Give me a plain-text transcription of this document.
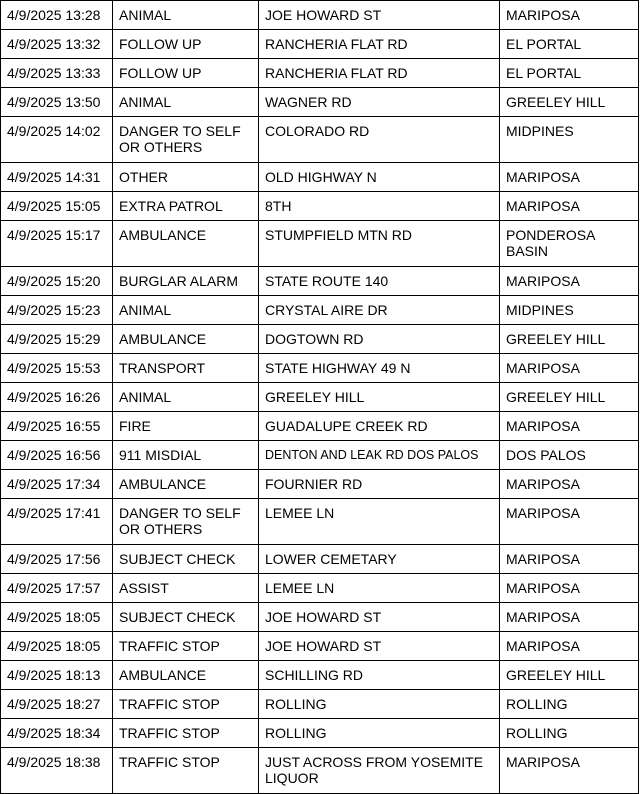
4/9/2025 13:28	ANIMAL	JOE HOWARD ST	MARIPOSA
4/9/2025 13:32	FOLLOW UP	RANCHERIA FLAT RD	EL PORTAL
4/9/2025 13:33	FOLLOW UP	RANCHERIA FLAT RD	EL PORTAL
4/9/2025 13:50	ANIMAL	WAGNER RD	GREELEY HILL
4/9/2025 14:02	DANGER TO SELF OR OTHERS	COLORADO RD	MIDPINES
4/9/2025 14:31	OTHER	OLD HIGHWAY N	MARIPOSA
4/9/2025 15:05	EXTRA PATROL	8TH	MARIPOSA
4/9/2025 15:17	AMBULANCE	STUMPFIELD MTN RD	PONDEROSA BASIN
4/9/2025 15:20	BURGLAR ALARM	STATE ROUTE 140	MARIPOSA
4/9/2025 15:23	ANIMAL	CRYSTAL AIRE DR	MIDPINES
4/9/2025 15:29	AMBULANCE	DOGTOWN RD	GREELEY HILL
4/9/2025 15:53	TRANSPORT	STATE HIGHWAY 49 N	MARIPOSA
4/9/2025 16:26	ANIMAL	GREELEY HILL	GREELEY HILL
4/9/2025 16:55	FIRE	GUADALUPE CREEK RD	MARIPOSA
4/9/2025 16:56	911 MISDIAL	DENTON AND LEAK RD DOS PALOS	DOS PALOS
4/9/2025 17:34	AMBULANCE	FOURNIER RD	MARIPOSA
4/9/2025 17:41	DANGER TO SELF OR OTHERS	LEMEE LN	MARIPOSA
4/9/2025 17:56	SUBJECT CHECK	LOWER CEMETARY	MARIPOSA
4/9/2025 17:57	ASSIST	LEMEE LN	MARIPOSA
4/9/2025 18:05	SUBJECT CHECK	JOE HOWARD ST	MARIPOSA
4/9/2025 18:05	TRAFFIC STOP	JOE HOWARD ST	MARIPOSA
4/9/2025 18:13	AMBULANCE	SCHILLING RD	GREELEY HILL
4/9/2025 18:27	TRAFFIC STOP	ROLLING	ROLLING
4/9/2025 18:34	TRAFFIC STOP	ROLLING	ROLLING
4/9/2025 18:38	TRAFFIC STOP	JUST ACROSS FROM YOSEMITE LIQUOR	MARIPOSA
